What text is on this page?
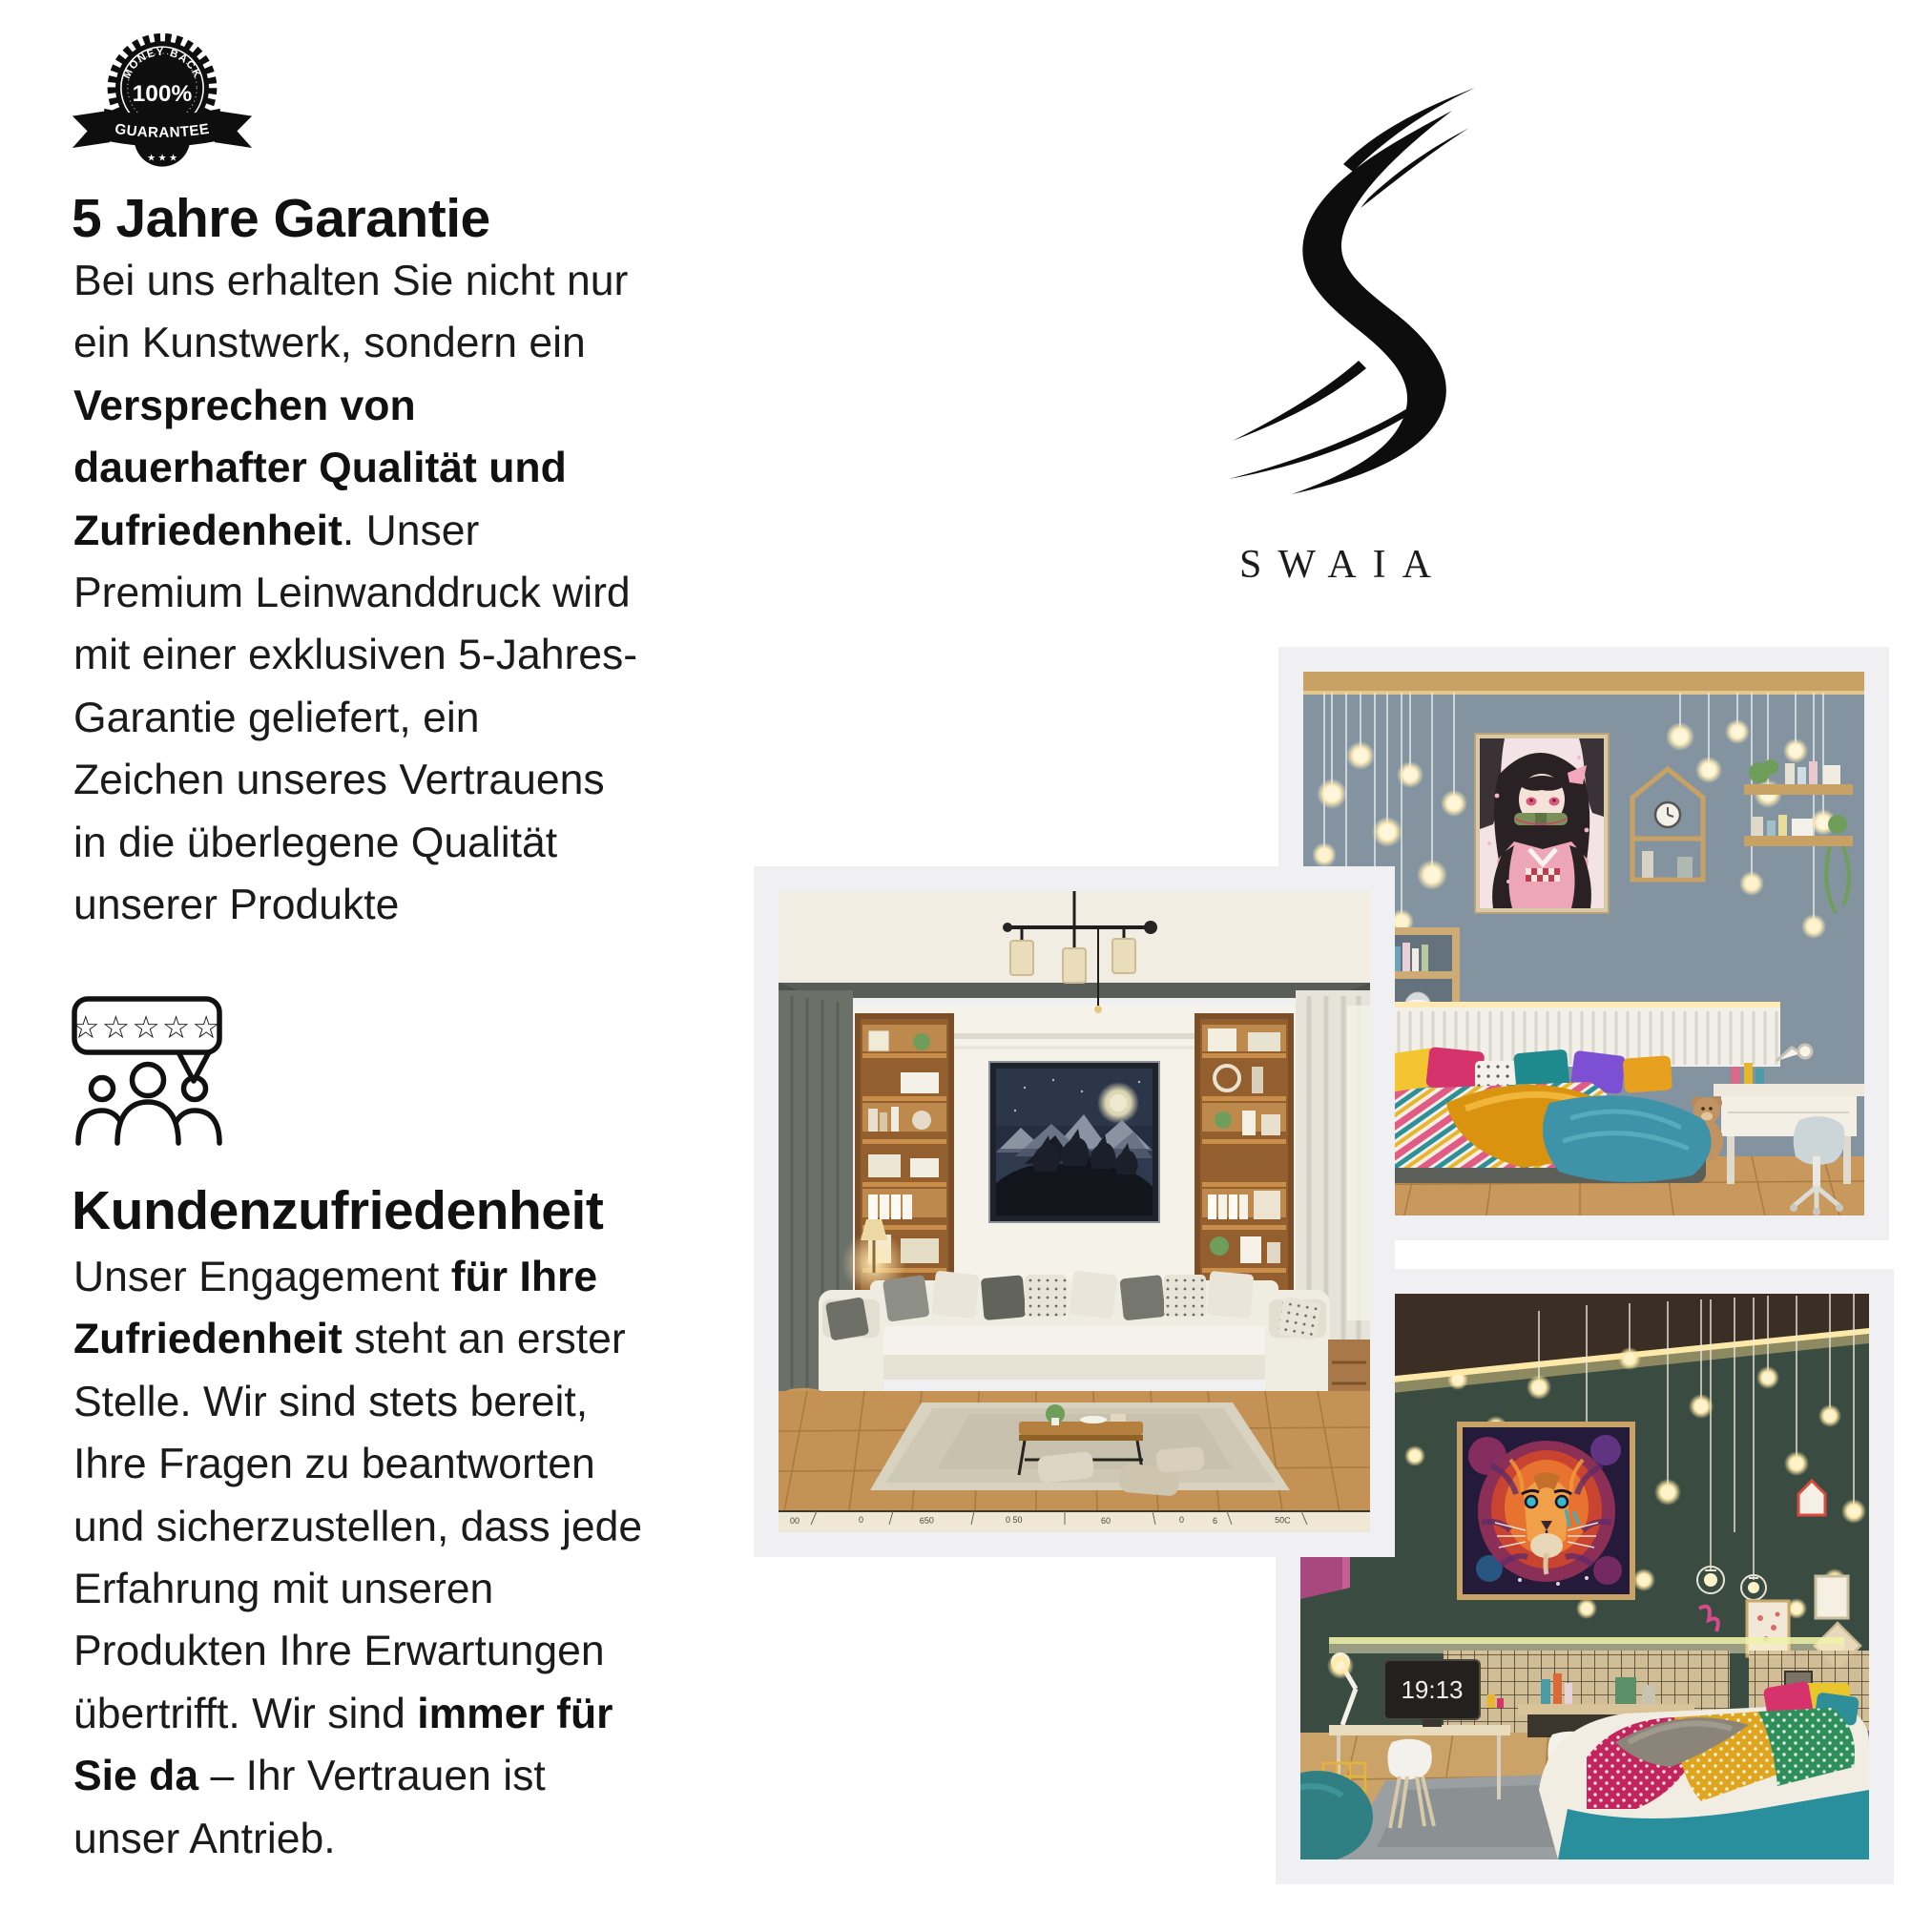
MONEY BACK
100%
GUARANTEE
★ ★ ★
5 Jahre Garantie
Bei uns erhalten Sie nicht nur ein Kunstwerk, sondern ein Versprechen von dauerhafter Qualität und Zufriedenheit. Unser Premium Leinwanddruck wird mit einer exklusiven 5-Jahres-Garantie geliefert, ein Zeichen unseres Vertrauens in die überlegene Qualität unserer Produkte
☆☆☆☆☆
Kundenzufriedenheit
Unser Engagement für Ihre Zufriedenheit steht an erster Stelle. Wir sind stets bereit, Ihre Fragen zu beantworten und sicherzustellen, dass jede Erfahrung mit unseren Produkten Ihre Erwartungen übertrifft. Wir sind immer für Sie da – Ihr Vertrauen ist unser Antrieb.
SWAIA
19:13
00	0	650	0 50	60	0	6	50C
